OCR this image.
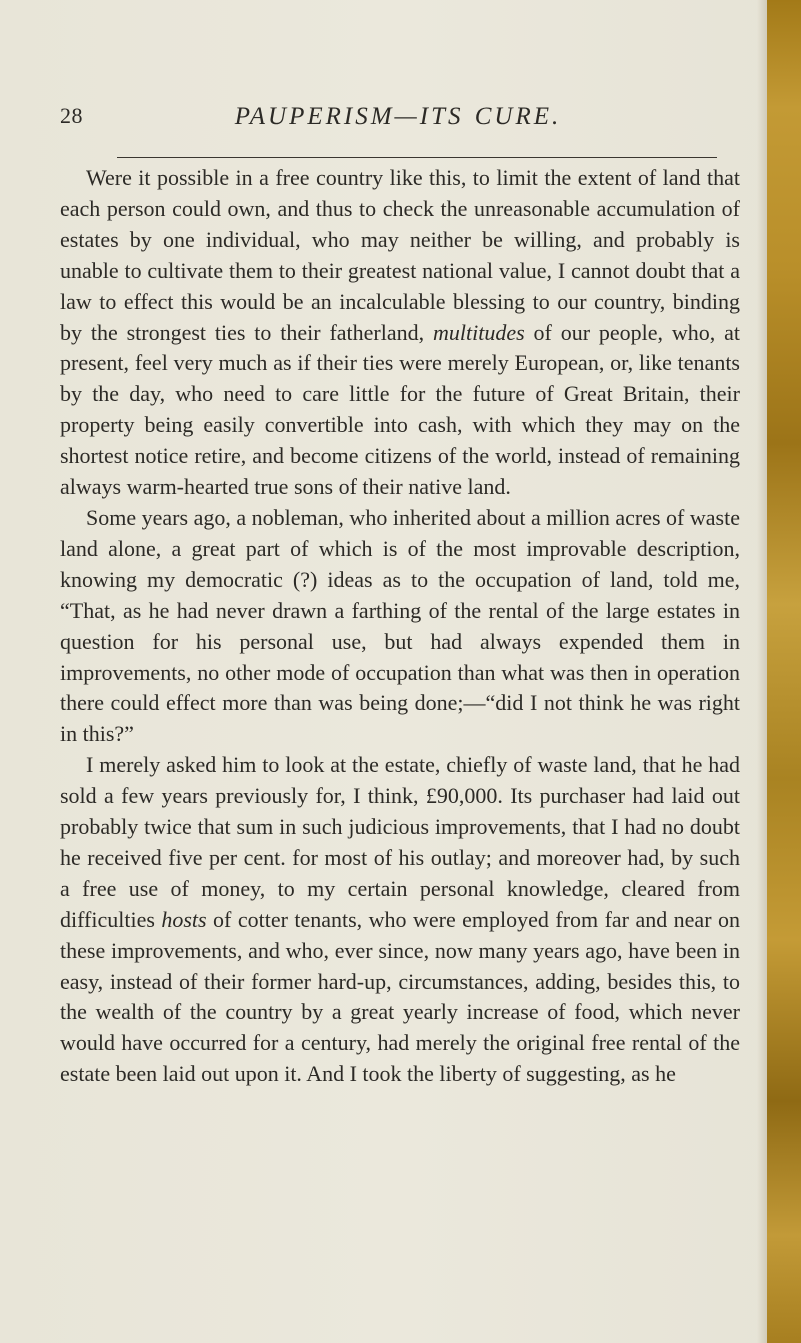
28	PAUPERISM—ITS CURE.

Were it possible in a free country like this, to limit the extent of land that each person could own, and thus to check the unreasonable accumulation of estates by one individual, who may neither be willing, and probably is unable to cultivate them to their greatest national value, I cannot doubt that a law to effect this would be an incalculable blessing to our country, binding by the strongest ties to their fatherland, multitudes of our people, who, at present, feel very much as if their ties were merely European, or, like tenants by the day, who need to care little for the future of Great Britain, their property being easily convertible into cash, with which they may on the shortest notice retire, and become citizens of the world, instead of remaining always warm-hearted true sons of their native land.

Some years ago, a nobleman, who inherited about a million acres of waste land alone, a great part of which is of the most improvable description, knowing my democratic (?) ideas as to the occupation of land, told me, “That, as he had never drawn a farthing of the rental of the large estates in question for his personal use, but had always expended them in improvements, no other mode of occupation than what was then in operation there could effect more than was being done;—“did I not think he was right in this?”

I merely asked him to look at the estate, chiefly of waste land, that he had sold a few years previously for, I think, £90,000. Its purchaser had laid out probably twice that sum in such judicious improvements, that I had no doubt he received five per cent. for most of his outlay; and moreover had, by such a free use of money, to my certain personal knowledge, cleared from difficulties hosts of cotter tenants, who were employed from far and near on these improvements, and who, ever since, now many years ago, have been in easy, instead of their former hard-up, circumstances, adding, besides this, to the wealth of the country by a great yearly increase of food, which never would have occurred for a century, had merely the original free rental of the estate been laid out upon it. And I took the liberty of suggesting, as he
